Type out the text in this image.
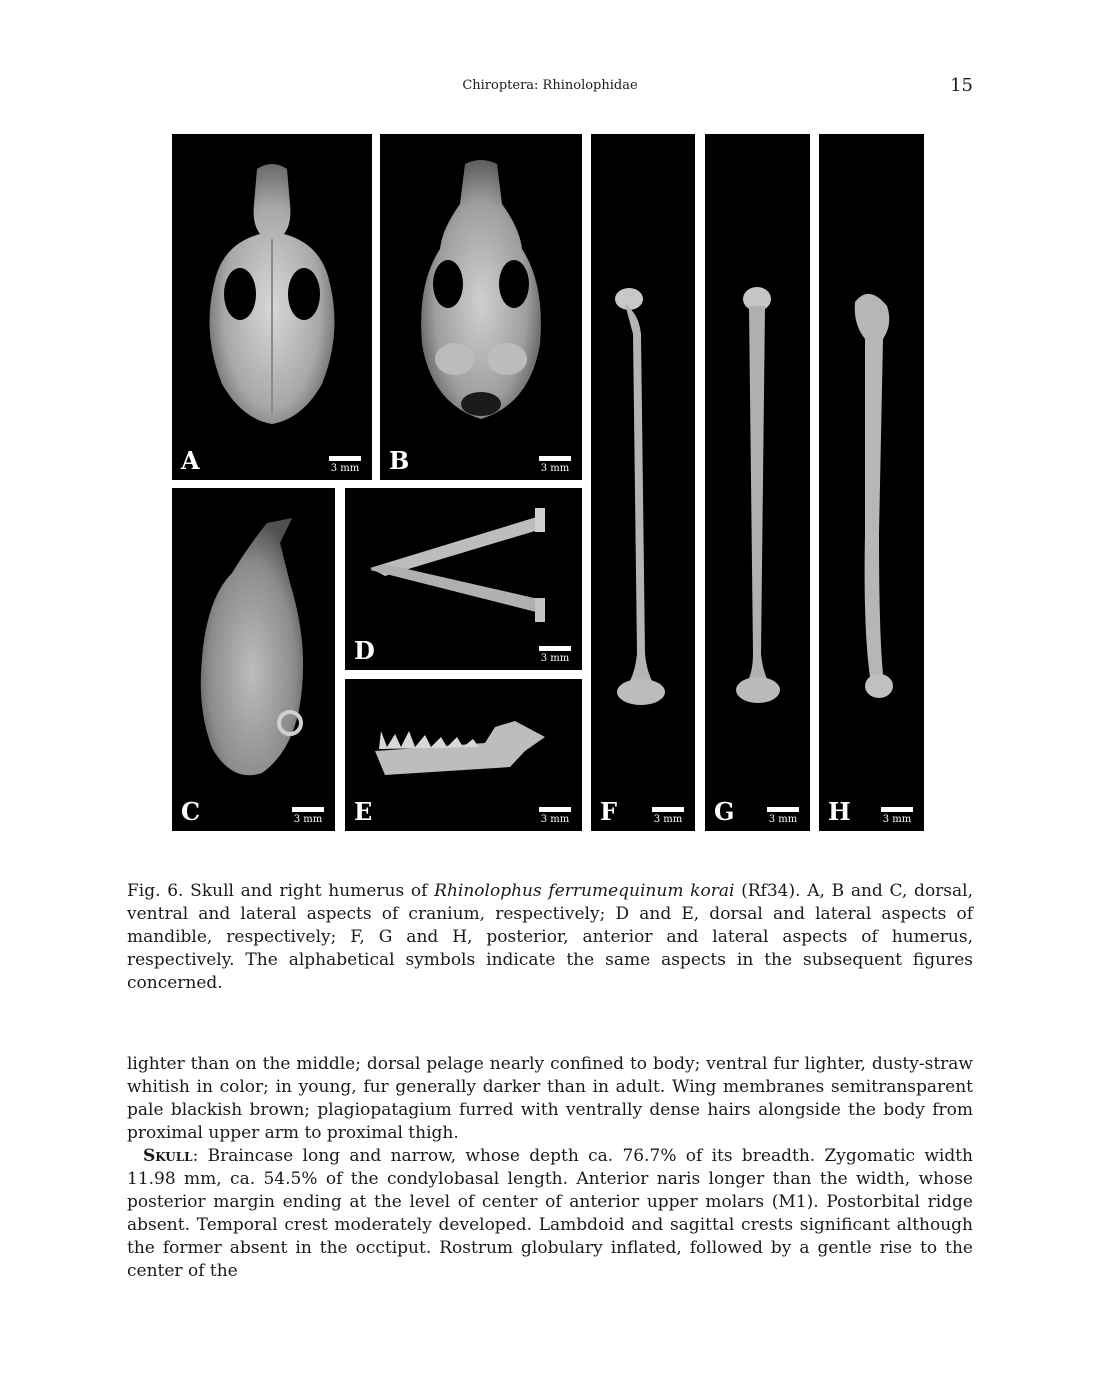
Chiroptera: Rhinolophidae	15
A	3 mm	B	3 mm
C	3 mm
D	3 mm
E	3 mm	F	3 mm	G	3 mm	H	3 mm
Fig. 6. Skull and right humerus of Rhinolophus ferrumequinum korai (Rf34). A, B and C, dorsal, ventral and lateral aspects of cranium, respectively; D and E, dorsal and lateral aspects of mandible, respectively; F, G and H, posterior, anterior and lateral aspects of humerus, respectively. The alphabetical symbols indicate the same aspects in the subsequent figures concerned.

lighter than on the middle; dorsal pelage nearly confined to body; ventral fur lighter, dusty-straw whitish in color; in young, fur generally darker than in adult. Wing membranes semitransparent pale blackish brown; plagiopatagium furred with ventrally dense hairs alongside the body from proximal upper arm to proximal thigh.

Skull: Braincase long and narrow, whose depth ca. 76.7% of its breadth. Zygomatic width 11.98 mm, ca. 54.5% of the condylobasal length. Anterior naris longer than the width, whose posterior margin ending at the level of center of anterior upper molars (M1). Postorbital ridge absent. Temporal crest moderately developed. Lambdoid and sagittal crests significant although the former absent in the occtiput. Rostrum globulary inflated, followed by a gentle rise to the center of the
